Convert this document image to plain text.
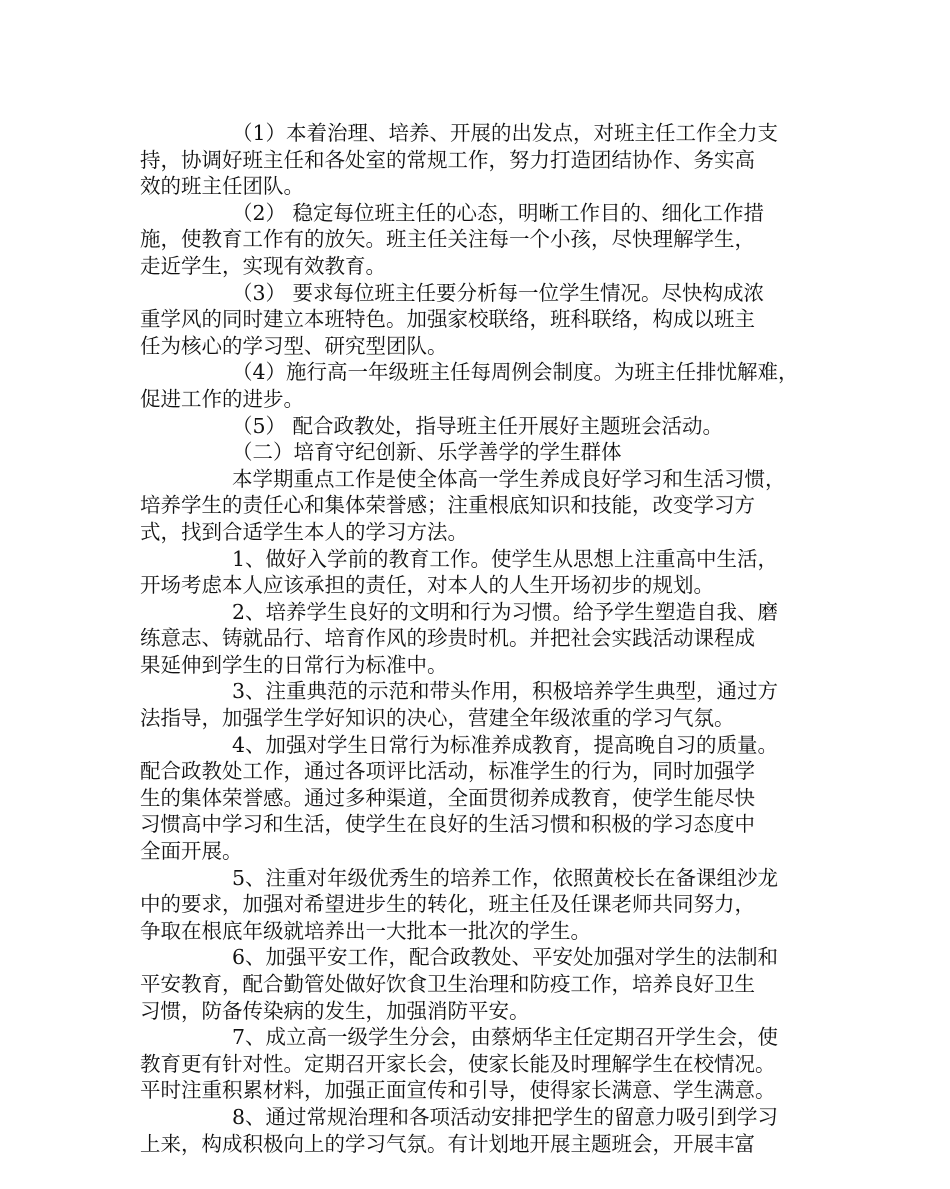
（1）本着治理、培养、开展的出发点，对班主任工作全力支
持，协调好班主任和各处室的常规工作，努力打造团结协作、务实高
效的班主任团队。
（2） 稳定每位班主任的心态，明晰工作目的、细化工作措
施，使教育工作有的放矢。班主任关注每一个小孩，尽快理解学生，
走近学生，实现有效教育。
（3） 要求每位班主任要分析每一位学生情况。尽快构成浓
重学风的同时建立本班特色。加强家校联络，班科联络，构成以班主
任为核心的学习型、研究型团队。
（4）施行高一年级班主任每周例会制度。为班主任排忧解难，
促进工作的进步。
（5） 配合政教处，指导班主任开展好主题班会活动。
（二）培育守纪创新、乐学善学的学生群体
本学期重点工作是使全体高一学生养成良好学习和生活习惯，
培养学生的责任心和集体荣誉感；注重根底知识和技能，改变学习方
式，找到合适学生本人的学习方法。
1、做好入学前的教育工作。使学生从思想上注重高中生活，
开场考虑本人应该承担的责任，对本人的人生开场初步的规划。
2、培养学生良好的文明和行为习惯。给予学生塑造自我、磨
练意志、铸就品行、培育作风的珍贵时机。并把社会实践活动课程成
果延伸到学生的日常行为标准中。
3、注重典范的示范和带头作用，积极培养学生典型，通过方
法指导，加强学生学好知识的决心，营建全年级浓重的学习气氛。
4、加强对学生日常行为标准养成教育，提高晚自习的质量。
配合政教处工作，通过各项评比活动，标准学生的行为，同时加强学
生的集体荣誉感。通过多种渠道，全面贯彻养成教育，使学生能尽快
习惯高中学习和生活，使学生在良好的生活习惯和积极的学习态度中
全面开展。
5、注重对年级优秀生的培养工作，依照黄校长在备课组沙龙
中的要求，加强对希望进步生的转化，班主任及任课老师共同努力，
争取在根底年级就培养出一大批本一批次的学生。
6、加强平安工作，配合政教处、平安处加强对学生的法制和
平安教育，配合勤管处做好饮食卫生治理和防疫工作，培养良好卫生
习惯，防备传染病的发生，加强消防平安。
7、成立高一级学生分会，由蔡炳华主任定期召开学生会，使
教育更有针对性。定期召开家长会，使家长能及时理解学生在校情况。
平时注重积累材料，加强正面宣传和引导，使得家长满意、学生满意。
8、通过常规治理和各项活动安排把学生的留意力吸引到学习
上来，构成积极向上的学习气氛。有计划地开展主题班会，开展丰富
